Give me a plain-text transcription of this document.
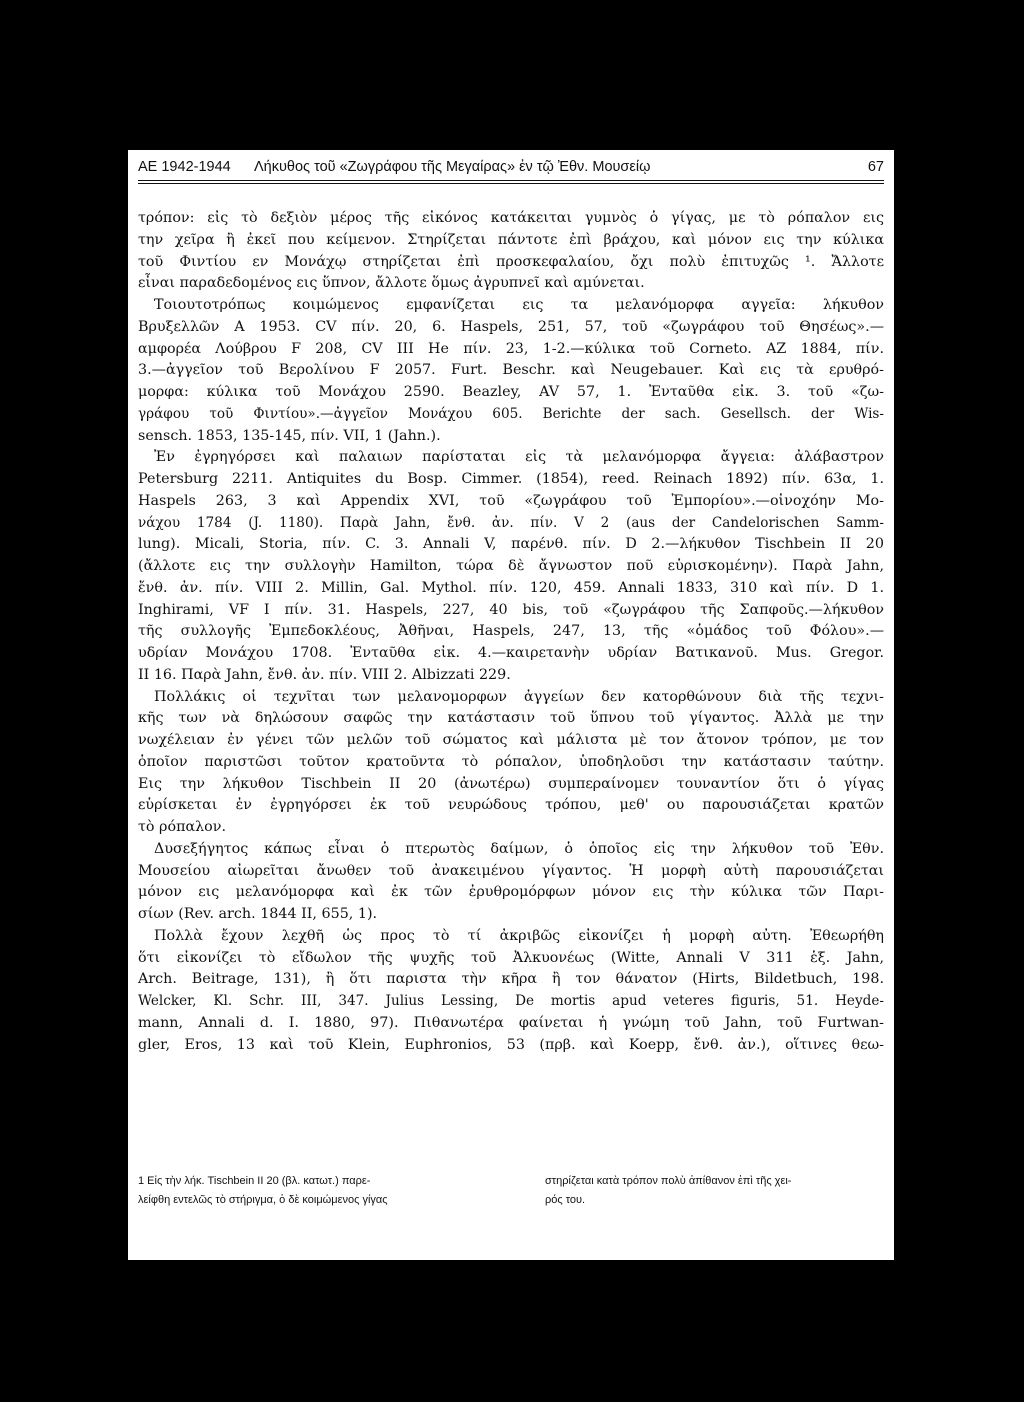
ΑΕ 1942-1944 Λήκυθος τοῦ «Ζωγράφου τῆς Μεγαίρας» ἐν τῷ Ἐθν. Μουσείῳ	67
τρόπον: εἰς τὸ δεξιὸν μέρος τῆς εἰκόνος κατάκειται γυμνὸς ὁ γίγας, με τὸ ρόπαλον εις
την χεῖρα ἢ ἐκεῖ που κείμενον. Στηρίζεται πάντοτε ἐπὶ βράχου, καὶ μόνον εις την κύλικα
τοῦ Φιντίου εν Μονάχῳ στηρίζεται ἐπὶ προσκεφαλαίου, ὄχι πολὺ ἐπιτυχῶς ¹. Ἄλλοτε
εἶναι παραδεδομένος εις ὕπνον, ἄλλοτε ὅμως ἀγρυπνεῖ καὶ αμύνεται.
Τοιουτοτρόπως κοιμώμενος εμφανίζεται εις τα μελανόμορφα αγγεῖα: λήκυθον
Βρυξελλῶν Α 1953. CV πίν. 20, 6. Haspels, 251, 57, τοῦ «ζωγράφου τοῦ Θησέως».—
αμφορέα Λούβρου F 208, CV III He πίν. 23, 1-2.—κύλικα τοῦ Corneto. AZ 1884, πίν.
3.—ἀγγεῖον τοῦ Βερολίνου F 2057. Furt. Beschr. καὶ Neugebauer. Καὶ εις τὰ ερυθρό-
μορφα: κύλικα τοῦ Μονάχου 2590. Beazley, AV 57, 1. Ἐνταῦθα εἰκ. 3. τοῦ «ζω-
γράφου τοῦ Φιντίου».—ἀγγεῖον Μονάχου 605. Berichte der sach. Gesellsch. der Wis-
sensch. 1853, 135-145, πίν. VII, 1 (Jahn.).
Ἐν ἐγρηγόρσει καὶ παλαιων παρίσταται εἰς τὰ μελανόμορφα ἄγγεια: ἀλάβαστρον
Petersburg 2211. Antiquites du Bosp. Cimmer. (1854), reed. Reinach 1892) πίν. 63α, 1.
Haspels 263, 3 καὶ Appendix XVI, τοῦ «ζωγράφου τοῦ Ἐμπορίου».—οἰνοχόην Μο-
νάχου 1784 (J. 1180). Παρὰ Jahn, ἔνθ. ἀν. πίν. V 2 (aus der Candelorischen Samm-
lung). Micali, Storia, πίν. C. 3. Annali V, παρένθ. πίν. D 2.—λήκυθον Tischbein II 20
(ἄλλοτε εις την συλλογὴν Hamilton, τώρα δὲ ἄγνωστον ποῦ εὑρισκομένην). Παρὰ Jahn,
ἔνθ. ἀν. πίν. VIII 2. Millin, Gal. Mythol. πίν. 120, 459. Annali 1833, 310 καὶ πίν. D 1.
Inghirami, VF I πίν. 31. Haspels, 227, 40 bis, τοῦ «ζωγράφου τῆς Σαπφοῦς.—λήκυθον
τῆς συλλογῆς Ἐμπεδοκλέους, Ἀθῆναι, Haspels, 247, 13, τῆς «ὁμάδος τοῦ Φόλου».—
υδρίαν Μονάχου 1708. Ἐνταῦθα εἰκ. 4.—καιρετανὴν υδρίαν Βατικανοῦ. Mus. Gregor.
II 16. Παρὰ Jahn, ἔνθ. ἀν. πίν. VIII 2. Albizzati 229.
Πολλάκις οἱ τεχνῖται των μελανομορφων ἀγγείων δεν κατορθώνουν διὰ τῆς τεχνι-
κῆς των νὰ δηλώσουν σαφῶς την κατάστασιν τοῦ ὕπνου τοῦ γίγαντος. Ἀλλὰ με την
νωχέλειαν ἐν γένει τῶν μελῶν τοῦ σώματος καὶ μάλιστα μὲ τον ἄτονον τρόπον, με τον
ὁποῖον παριστῶσι τοῦτον κρατοῦντα τὸ ρόπαλον, ὑποδηλοῦσι την κατάστασιν ταύτην.
Εις την λήκυθον Tischbein II 20 (ἀνωτέρω) συμπεραίνομεν τουναντίον ὅτι ὁ γίγας
εὑρίσκεται ἐν ἐγρηγόρσει ἐκ τοῦ νευρώδους τρόπου, μεθ' ου παρουσιάζεται κρατῶν
τὸ ρόπαλον.
Δυσεξήγητος κάπως εἶναι ὁ πτερωτὸς δαίμων, ὁ ὁποῖος εἰς την λήκυθον τοῦ Ἐθν.
Μουσείου αἰωρεῖται ἄνωθεν τοῦ ἀνακειμένου γίγαντος. Ἡ μορφὴ αὐτὴ παρουσιάζεται
μόνον εις μελανόμορφα καὶ ἐκ τῶν ἐρυθρομόρφων μόνον εις τὴν κύλικα τῶν Παρι-
σίων (Rev. arch. 1844 II, 655, 1).
Πολλὰ ἔχουν λεχθῆ ὡς προς τὸ τί ἀκριβῶς εἰκονίζει ἡ μορφὴ αὐτη. Ἐθεωρήθη
ὅτι εἰκονίζει τὸ εἴδωλον τῆς ψυχῆς τοῦ Ἀλκυονέως (Witte, Annali V 311 ἑξ. Jahn,
Arch. Beitrage, 131), ἢ ὅτι παριστα τὴν κῆρα ἢ τον θάνατον (Hirts, Bildetbuch, 198.
Welcker, Kl. Schr. III, 347. Julius Lessing, De mortis apud veteres figuris, 51. Heyde-
mann, Annali d. I. 1880, 97). Πιθανωτέρα φαίνεται ἡ γνώμη τοῦ Jahn, τοῦ Furtwan-
gler, Eros, 13 καὶ τοῦ Klein, Euphronios, 53 (πρβ. καὶ Koepp, ἔνθ. ἀν.), οἵτινες θεω-
1 Εἰς τὴν λήκ. Tischbein II 20 (βλ. κατωτ.) παρε-
λείφθη εντελῶς τὸ στήριγμα, ὁ δὲ κοιμώμενος γίγας
στηρίζεται κατὰ τρόπον πολὺ ἀπίθανον ἐπὶ τῆς χει-
ρός του.
